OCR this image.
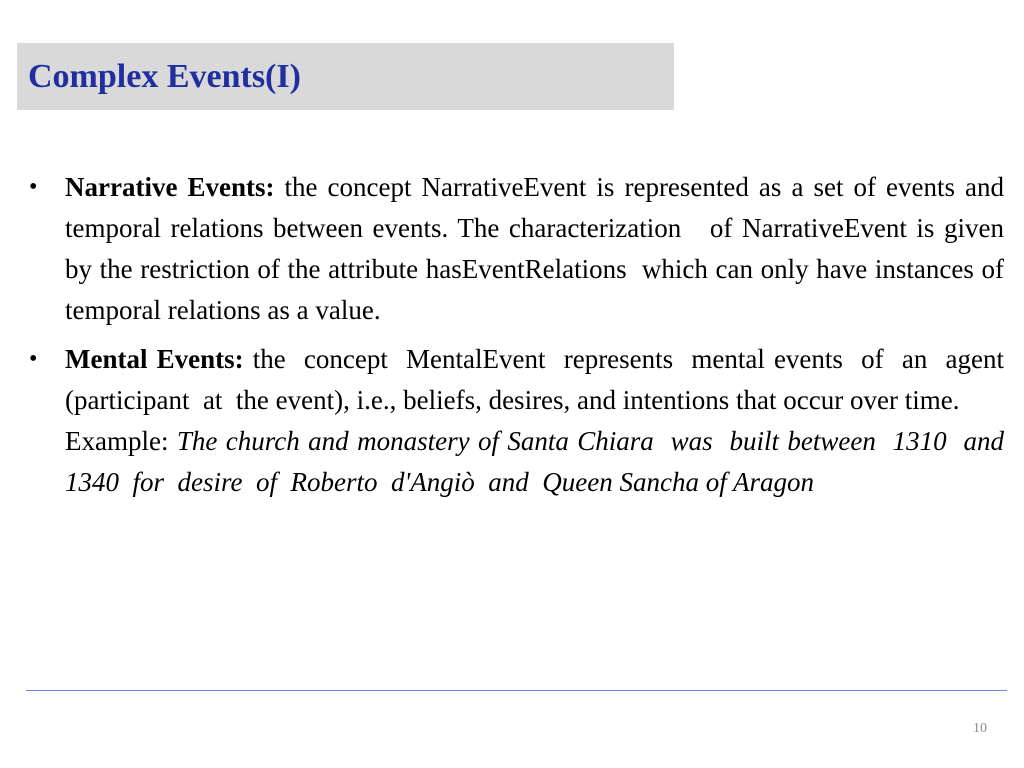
Complex Events(I)
•	Narrative Events: the concept NarrativeEvent is represented as a set of events and temporal relations between events. The characterization   of NarrativeEvent is given by the restriction of the attribute hasEventRelations  which can only have instances of temporal relations as a value.
•	Mental Events: the  concept  MentalEvent  represents  mental events  of  an  agent  (participant  at  the event), i.e., beliefs, desires, and intentions that occur over time.
Example: The church and monastery of Santa Chiara  was  built between  1310  and  1340  for  desire  of  Roberto  d'Angiò  and  Queen Sancha of Aragon
10
